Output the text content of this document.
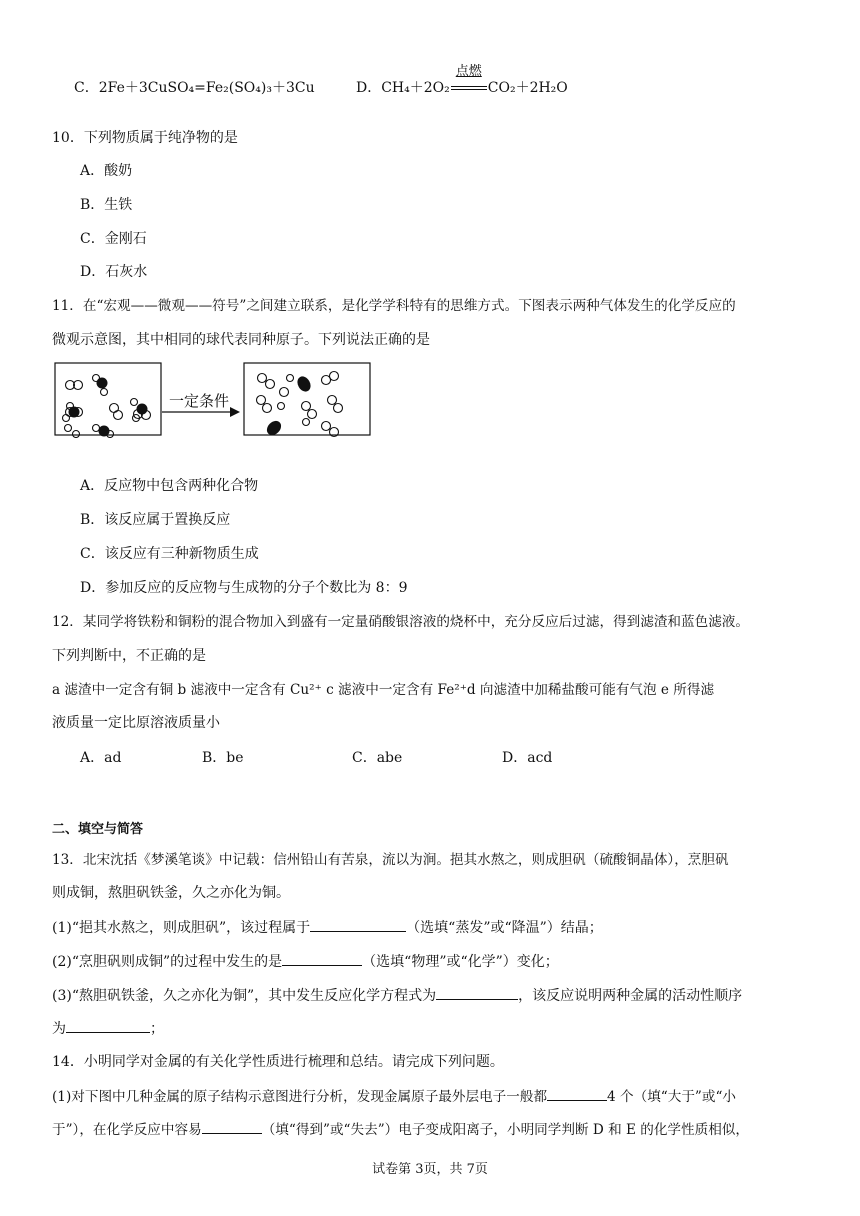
C．2Fe＋3CuSO₄=Fe₂(SO₄)₃＋3Cu	D．CH₄＋2O₂
点燃
CO₂＋2H₂O
10．下列物质属于纯净物的是
A．酸奶
B．生铁
C．金刚石
D．石灰水
11．在“宏观——微观——符号”之间建立联系，是化学学科特有的思维方式。下图表示两种气体发生的化学反应的
微观示意图，其中相同的球代表同种原子。下列说法正确的是
一定条件
A．反应物中包含两种化合物
B．该反应属于置换反应
C．该反应有三种新物质生成
D．参加反应的反应物与生成物的分子个数比为 8：9
12．某同学将铁粉和铜粉的混合物加入到盛有一定量硝酸银溶液的烧杯中，充分反应后过滤，得到滤渣和蓝色滤液。
下列判断中，不正确的是
a 滤渣中一定含有铜 b 滤液中一定含有 Cu²⁺ c 滤液中一定含有 Fe²⁺d 向滤渣中加稀盐酸可能有气泡 e 所得滤
液质量一定比原溶液质量小
A．ad	B．be	C．abe	D．acd
二、填空与简答
13．北宋沈括《梦溪笔谈》中记载：信州铅山有苦泉，流以为涧。挹其水熬之，则成胆矾（硫酸铜晶体），烹胆矾
则成铜，熬胆矾铁釜，久之亦化为铜。
(1)“挹其水熬之，则成胆矾”，该过程属于	（选填“蒸发”或“降温”）结晶；
(2)“烹胆矾则成铜”的过程中发生的是	（选填“物理”或“化学”）变化；
(3)“熬胆矾铁釜，久之亦化为铜”，其中发生反应化学方程式为	，该反应说明两种金属的活动性顺序
为	；
14．小明同学对金属的有关化学性质进行梳理和总结。请完成下列问题。
(1)对下图中几种金属的原子结构示意图进行分析，发现金属原子最外层电子一般都	4 个（填“大于”或“小
于”），在化学反应中容易	（填“得到”或“失去”）电子变成阳离子，小明同学判断 D 和 E 的化学性质相似，
试卷第 3页，共 7页
